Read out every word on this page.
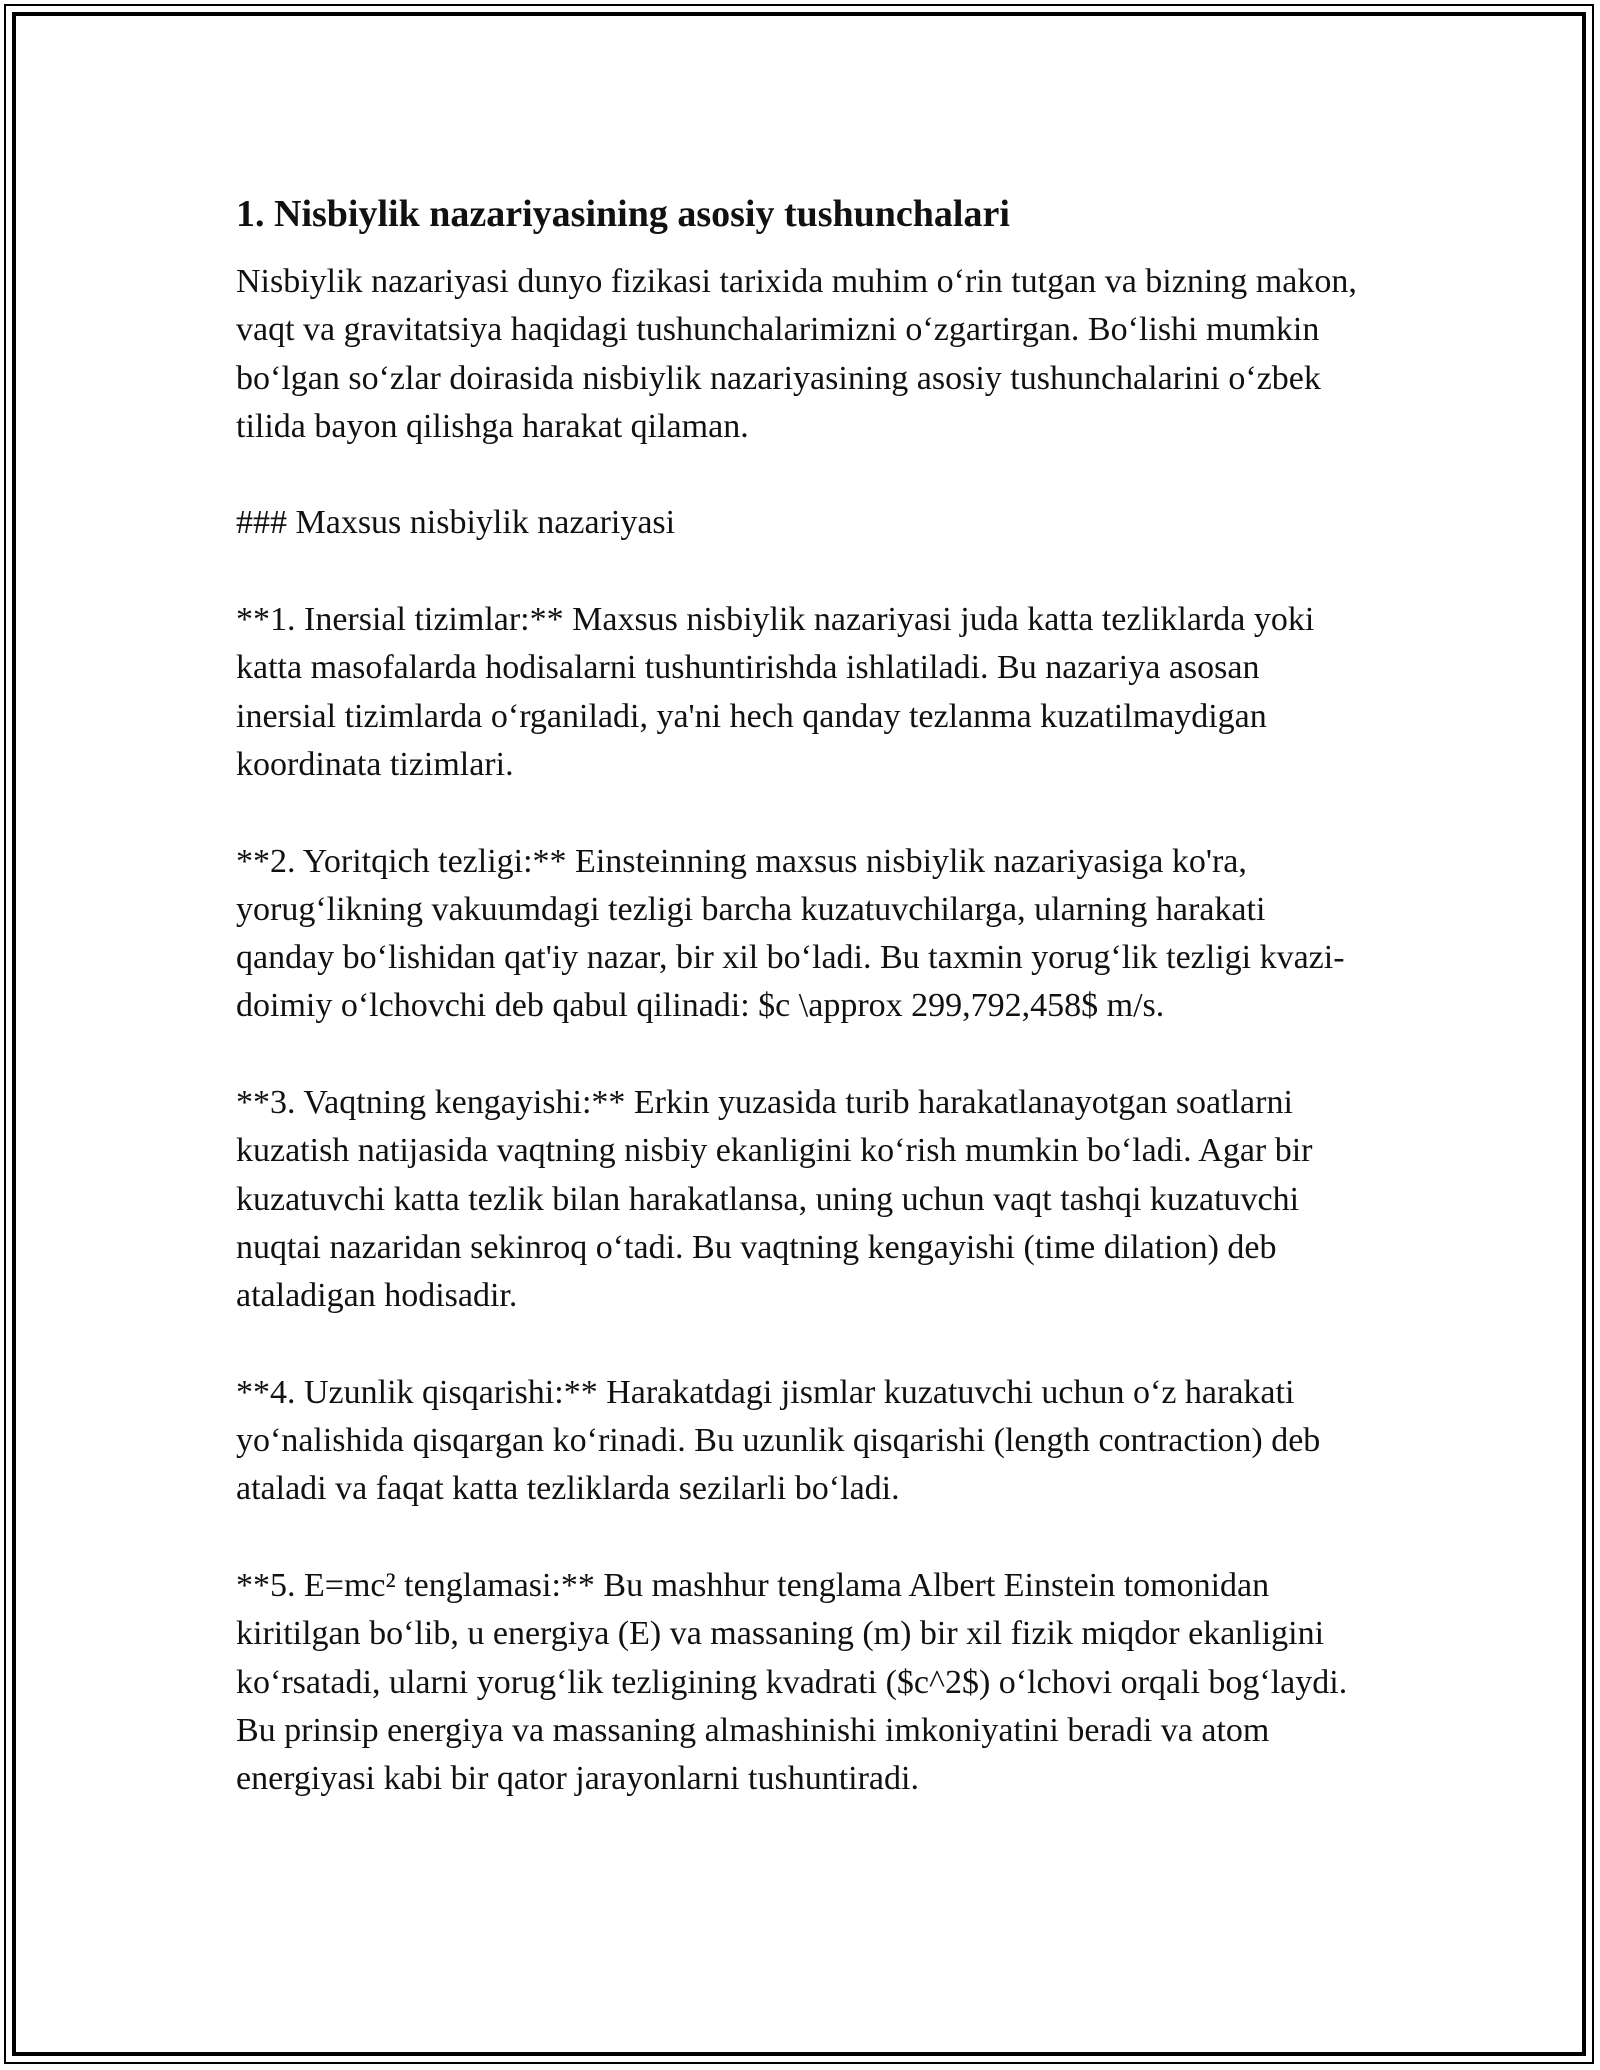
1. Nisbiylik nazariyasining asosiy tushunchalari

Nisbiylik nazariyasi dunyo fizikasi tarixida muhim o‘rin tutgan va bizning makon, vaqt va gravitatsiya haqidagi tushunchalarimizni o‘zgartirgan. Bo‘lishi mumkin bo‘lgan so‘zlar doirasida nisbiylik nazariyasining asosiy tushunchalarini o‘zbek tilida bayon qilishga harakat qilaman.

### Maxsus nisbiylik nazariyasi

**1. Inersial tizimlar:** Maxsus nisbiylik nazariyasi juda katta tezliklarda yoki katta masofalarda hodisalarni tushuntirishda ishlatiladi. Bu nazariya asosan inersial tizimlarda o‘rganiladi, ya'ni hech qanday tezlanma kuzatilmaydigan koordinata tizimlari.

**2. Yoritqich tezligi:** Einsteinning maxsus nisbiylik nazariyasiga ko'ra, yorug‘likning vakuumdagi tezligi barcha kuzatuvchilarga, ularning harakati qanday bo‘lishidan qat'iy nazar, bir xil bo‘ladi. Bu taxmin yorug‘lik tezligi kvazi-doimiy o‘lchovchi deb qabul qilinadi: $c \approx 299,792,458$ m/s.

**3. Vaqtning kengayishi:** Erkin yuzasida turib harakatlanayotgan soatlarni kuzatish natijasida vaqtning nisbiy ekanligini ko‘rish mumkin bo‘ladi. Agar bir kuzatuvchi katta tezlik bilan harakatlansa, uning uchun vaqt tashqi kuzatuvchi nuqtai nazaridan sekinroq o‘tadi. Bu vaqtning kengayishi (time dilation) deb ataladigan hodisadir.

**4. Uzunlik qisqarishi:** Harakatdagi jismlar kuzatuvchi uchun o‘z harakati yo‘nalishida qisqargan ko‘rinadi. Bu uzunlik qisqarishi (length contraction) deb ataladi va faqat katta tezliklarda sezilarli bo‘ladi.

**5. E=mc² tenglamasi:** Bu mashhur tenglama Albert Einstein tomonidan kiritilgan bo‘lib, u energiya (E) va massaning (m) bir xil fizik miqdor ekanligini ko‘rsatadi, ularni yorug‘lik tezligining kvadrati ($c^2$) o‘lchovi orqali bog‘laydi. Bu prinsip energiya va massaning almashinishi imkoniyatini beradi va atom energiyasi kabi bir qator jarayonlarni tushuntiradi.
